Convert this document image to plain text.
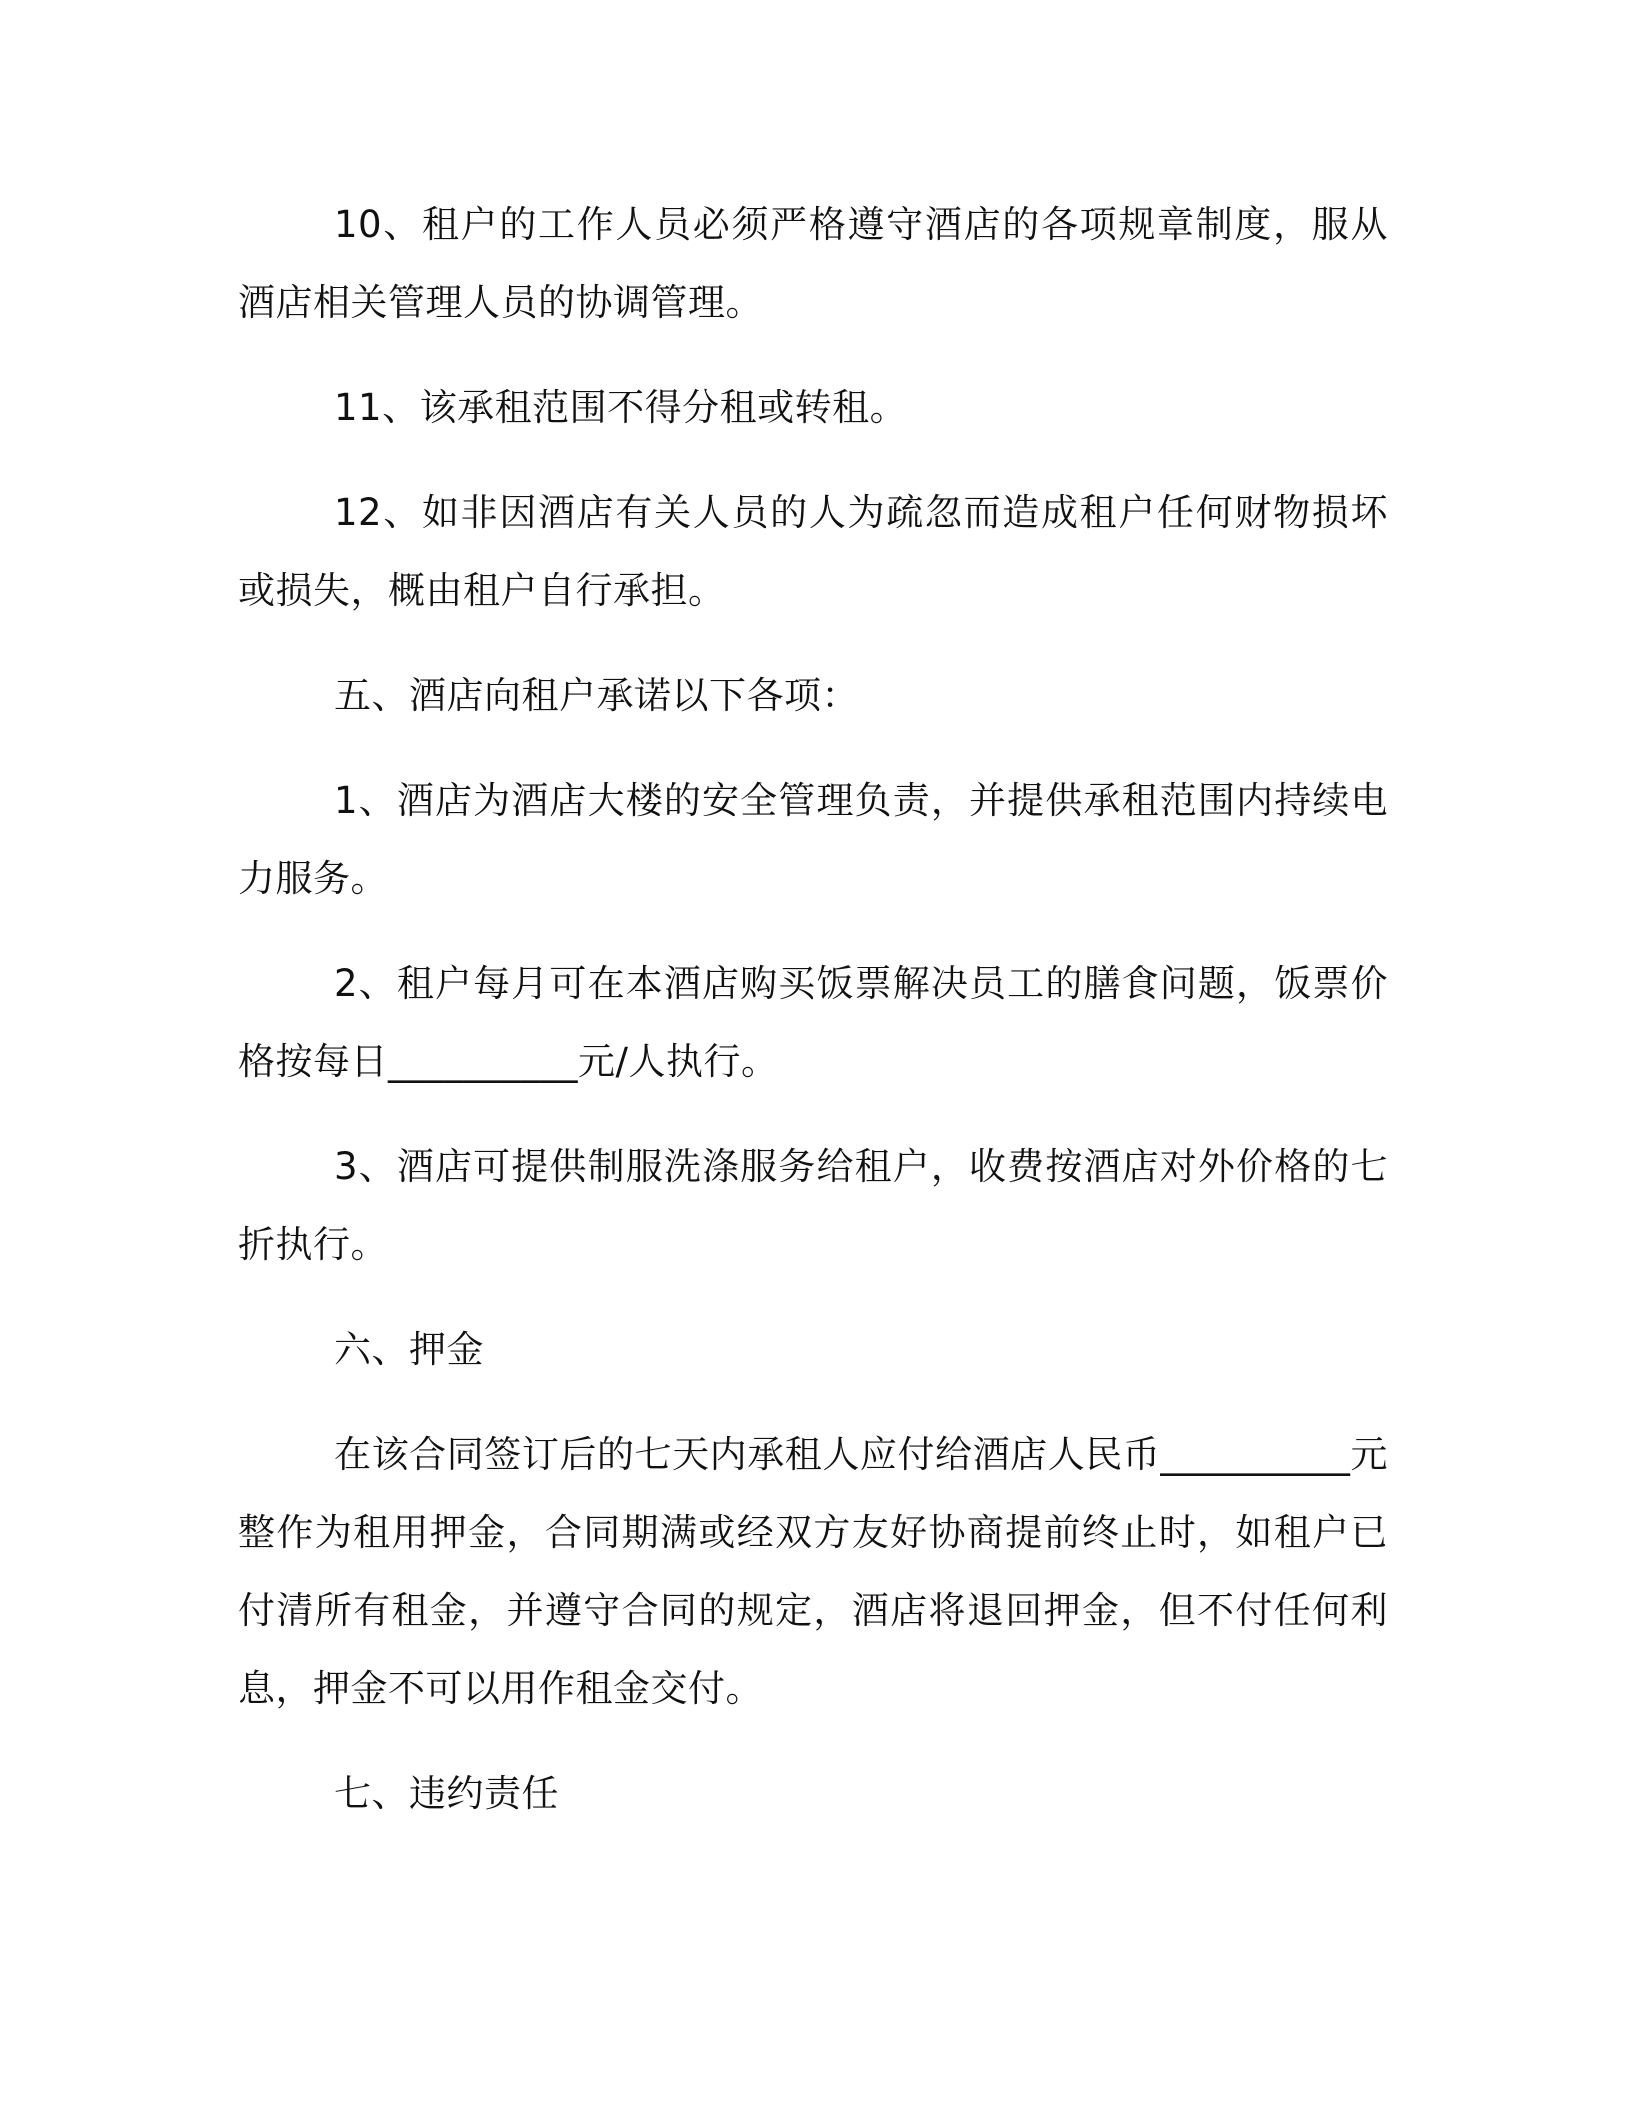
10、租户的工作人员必须严格遵守酒店的各项规章制度，服从酒店相关管理人员的协调管理。

11、该承租范围不得分租或转租。

12、如非因酒店有关人员的人为疏忽而造成租户任何财物损坏或损失，概由租户自行承担。

五、酒店向租户承诺以下各项：

1、酒店为酒店大楼的安全管理负责，并提供承租范围内持续电力服务。

2、租户每月可在本酒店购买饭票解决员工的膳食问题，饭票价格按每日__________元/人执行。

3、酒店可提供制服洗涤服务给租户，收费按酒店对外价格的七折执行。

六、押金

在该合同签订后的七天内承租人应付给酒店人民币__________元整作为租用押金，合同期满或经双方友好协商提前终止时，如租户已付清所有租金，并遵守合同的规定，酒店将退回押金，但不付任何利息，押金不可以用作租金交付。

七、违约责任
